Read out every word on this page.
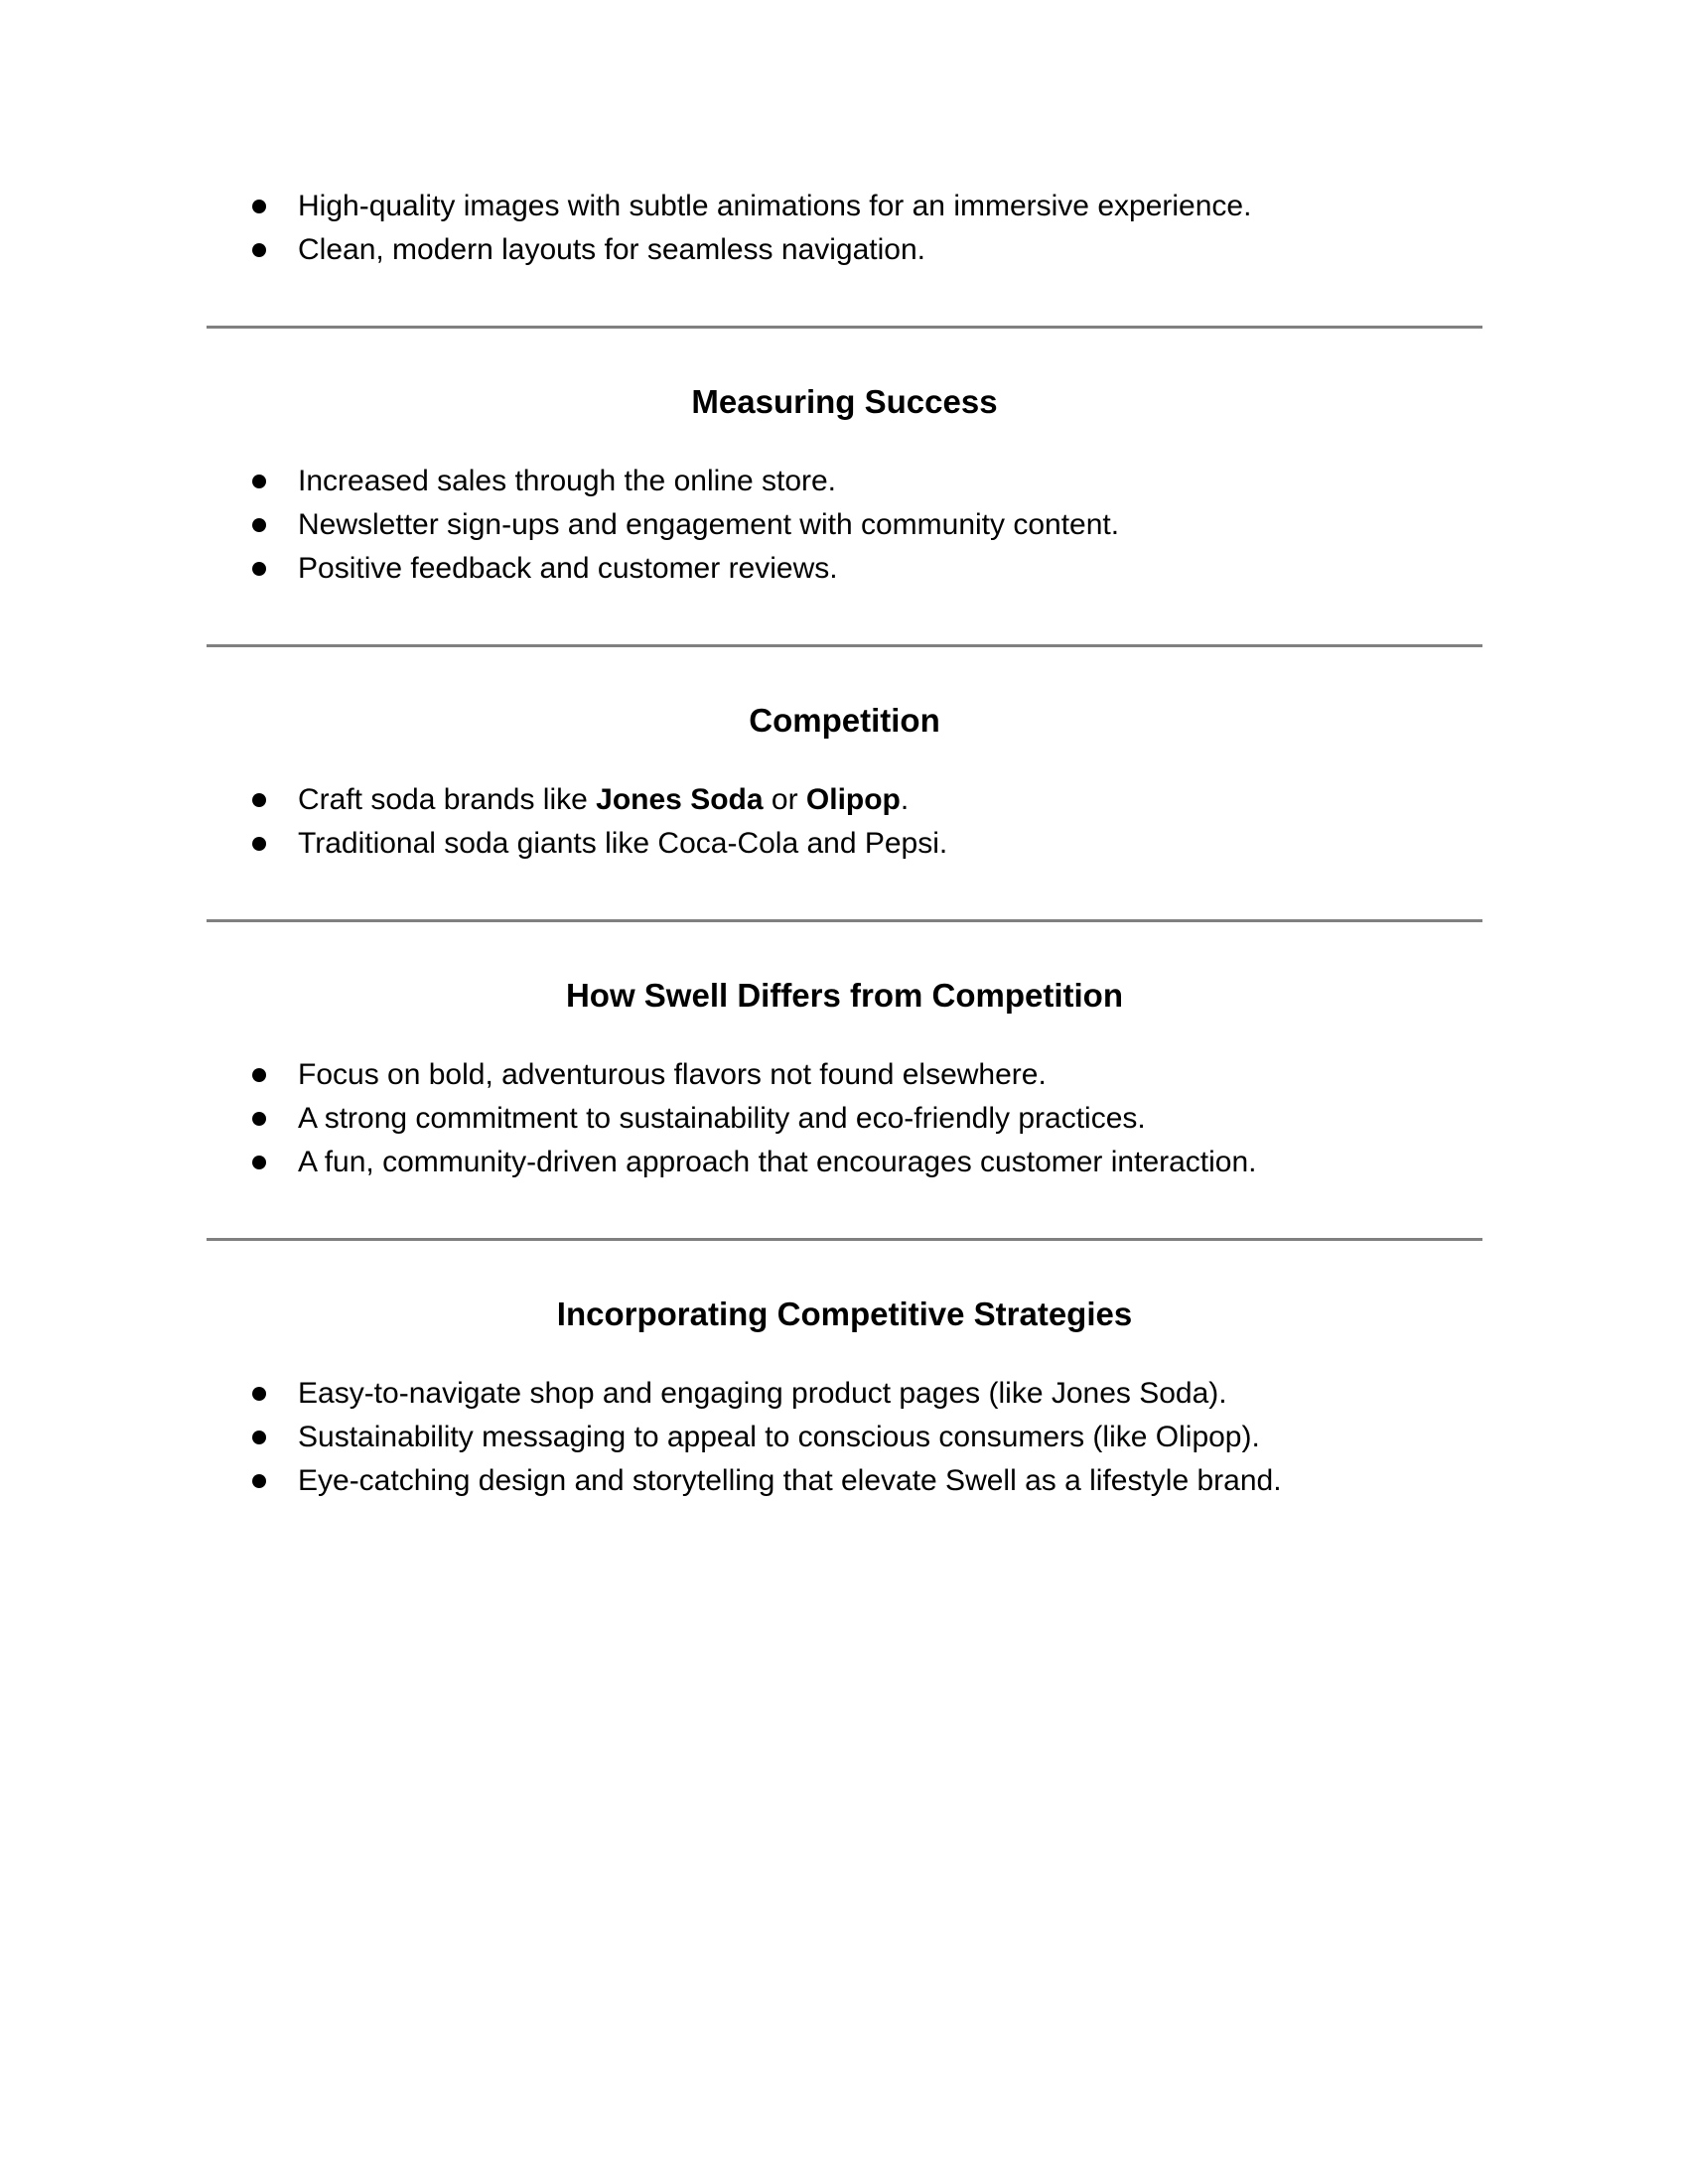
High-quality images with subtle animations for an immersive experience.
Clean, modern layouts for seamless navigation.
Measuring Success
Increased sales through the online store.
Newsletter sign-ups and engagement with community content.
Positive feedback and customer reviews.
Competition
Craft soda brands like Jones Soda or Olipop.
Traditional soda giants like Coca-Cola and Pepsi.
How Swell Differs from Competition
Focus on bold, adventurous flavors not found elsewhere.
A strong commitment to sustainability and eco-friendly practices.
A fun, community-driven approach that encourages customer interaction.
Incorporating Competitive Strategies
Easy-to-navigate shop and engaging product pages (like Jones Soda).
Sustainability messaging to appeal to conscious consumers (like Olipop).
Eye-catching design and storytelling that elevate Swell as a lifestyle brand.
